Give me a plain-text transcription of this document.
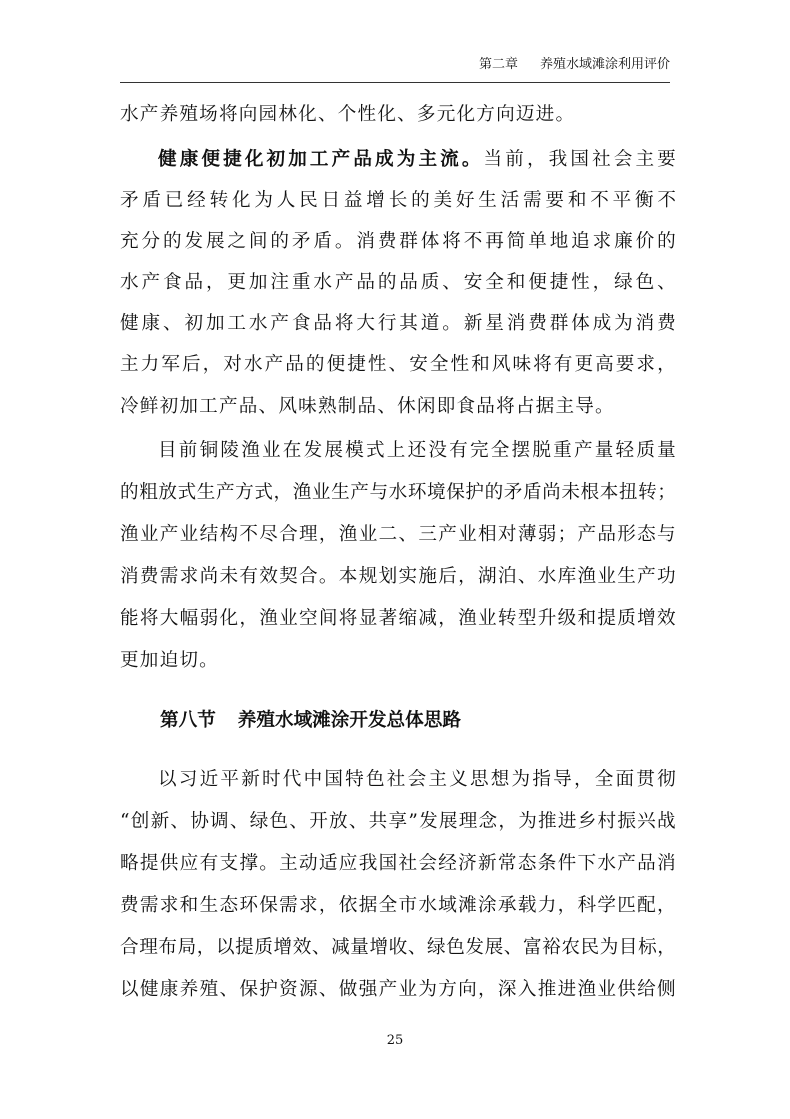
第二章 养殖水域滩涂利用评价
水产养殖场将向园林化、个性化、多元化方向迈进。
健 康 便 捷 化 初 加 工 产 品 成 为 主 流 。 当 前 ， 我 国 社 会 主 要
矛 盾 已 经 转 化 为 人 民 日 益 增 长 的 美 好 生 活 需 要 和 不 平 衡 不
充 分 的 发 展 之 间 的 矛 盾 。 消 费 群 体 将 不 再 简 单 地 追 求 廉 价 的
水 产 食 品 ， 更 加 注 重 水 产 品 的 品 质 、 安 全 和 便 捷 性 ， 绿 色 、
健 康 、 初 加 工 水 产 食 品 将 大 行 其 道 。 新 星 消 费 群 体 成 为 消 费
主 力 军 后 ， 对 水 产 品 的 便 捷 性 、 安 全 性 和 风 味 将 有 更 高 要 求 ，
冷鲜初加工产品、风味熟制品、休闲即食品将占据主导。
目 前 铜 陵 渔 业 在 发 展 模 式 上 还 没 有 完 全 摆 脱 重 产 量 轻 质 量
的 粗 放 式 生 产 方 式 ， 渔 业 生 产 与 水 环 境 保 护 的 矛 盾 尚 未 根 本 扭 转 ；
渔 业 产 业 结 构 不 尽 合 理 ， 渔 业 二 、 三 产 业 相 对 薄 弱 ； 产 品 形 态 与
消 费 需 求 尚 未 有 效 契 合 。 本 规 划 实 施 后 ， 湖 泊 、 水 库 渔 业 生 产 功
能 将 大 幅 弱 化 ， 渔 业 空 间 将 显 著 缩 减 ， 渔 业 转 型 升 级 和 提 质 增 效
更加迫切。
以 习 近 平 新 时 代 中 国 特 色 社 会 主 义 思 想 为 指 导 ， 全 面 贯 彻
“ 创 新 、 协 调 、 绿 色 、 开 放 、 共 享 ” 发 展 理 念 ， 为 推 进 乡 村 振 兴 战
略 提 供 应 有 支 撑 。 主 动 适 应 我 国 社 会 经 济 新 常 态 条 件 下 水 产 品 消
费 需 求 和 生 态 环 保 需 求 ， 依 据 全 市 水 域 滩 涂 承 载 力 ， 科 学 匹 配 ，
合 理 布 局 ， 以 提 质 增 效 、 减 量 增 收 、 绿 色 发 展 、 富 裕 农 民 为 目 标 ，
以 健 康 养 殖 、 保 护 资 源 、 做 强 产 业 为 方 向 ， 深 入 推 进 渔 业 供 给 侧
第八节 养殖水域滩涂开发总体思路
25
